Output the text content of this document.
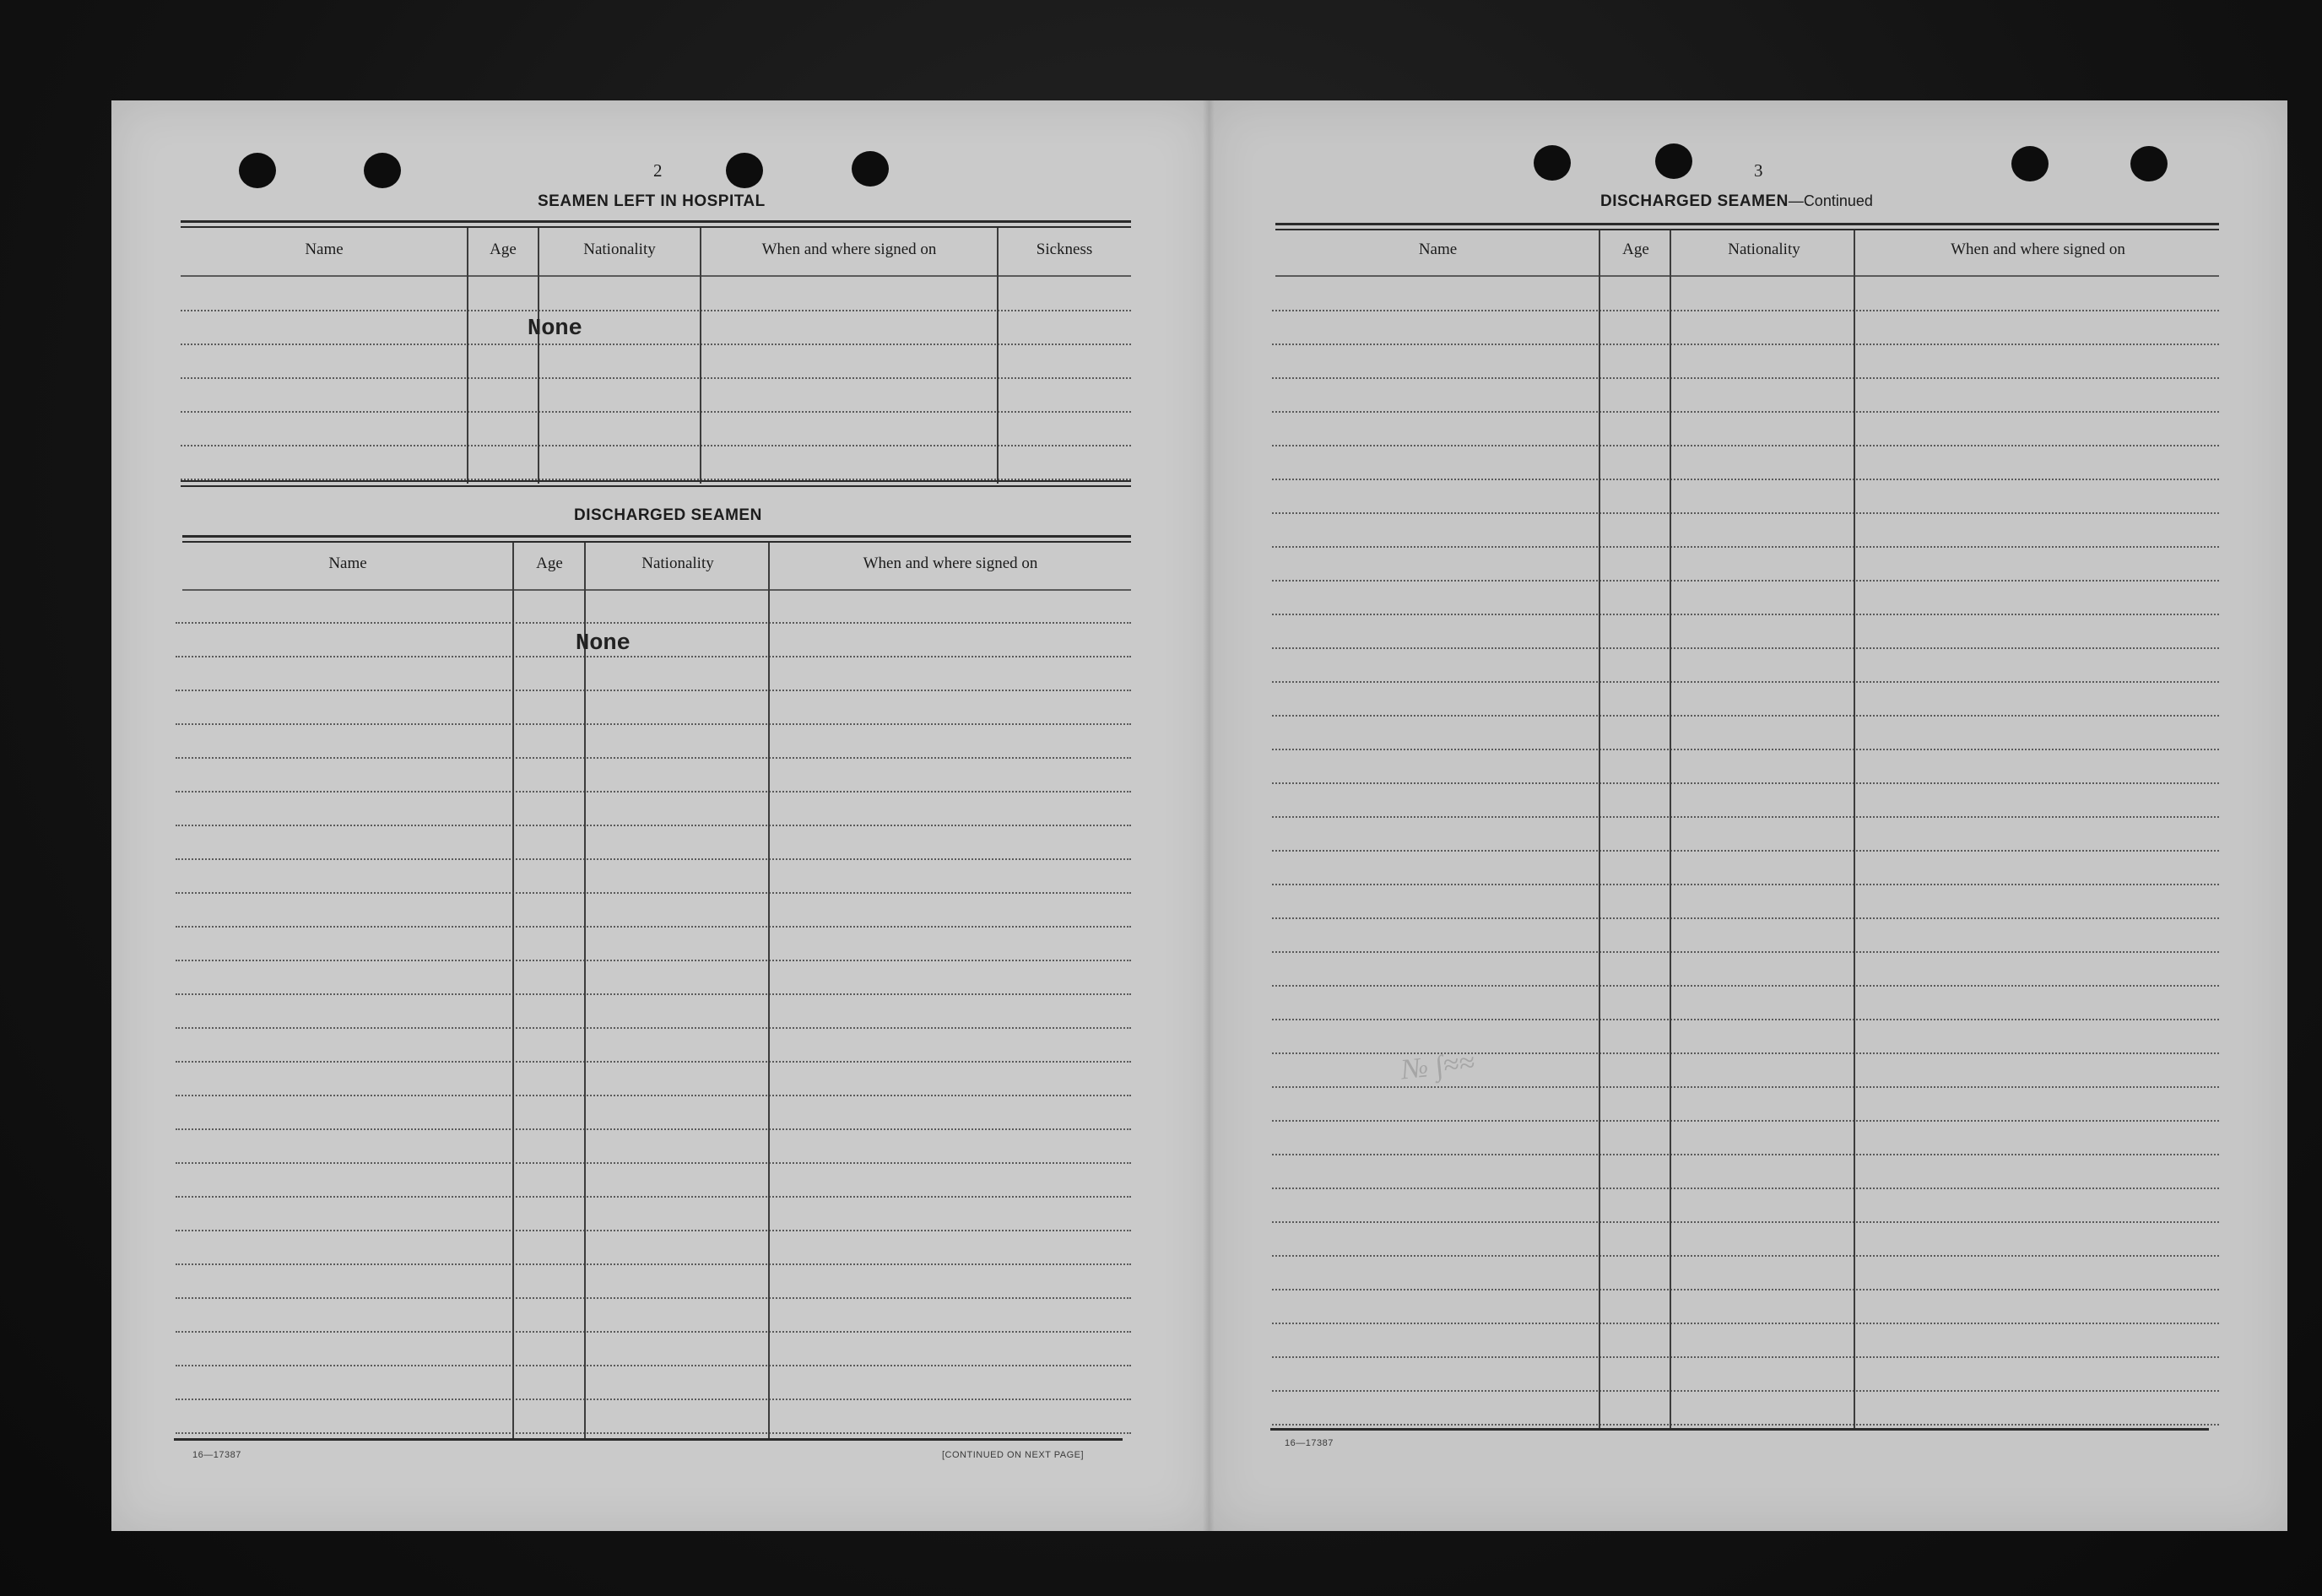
2
SEAMEN LEFT IN HOSPITAL
Name	Age	Nationality	When and where signed on	Sickness
None
DISCHARGED SEAMEN
Name	Age	Nationality	When and where signed on
None
16—17387	[CONTINUED ON NEXT PAGE]
3
DISCHARGED SEAMEN—Continued
Name	Age	Nationality	When and where signed on
16—17387
№ ∫≈≈
